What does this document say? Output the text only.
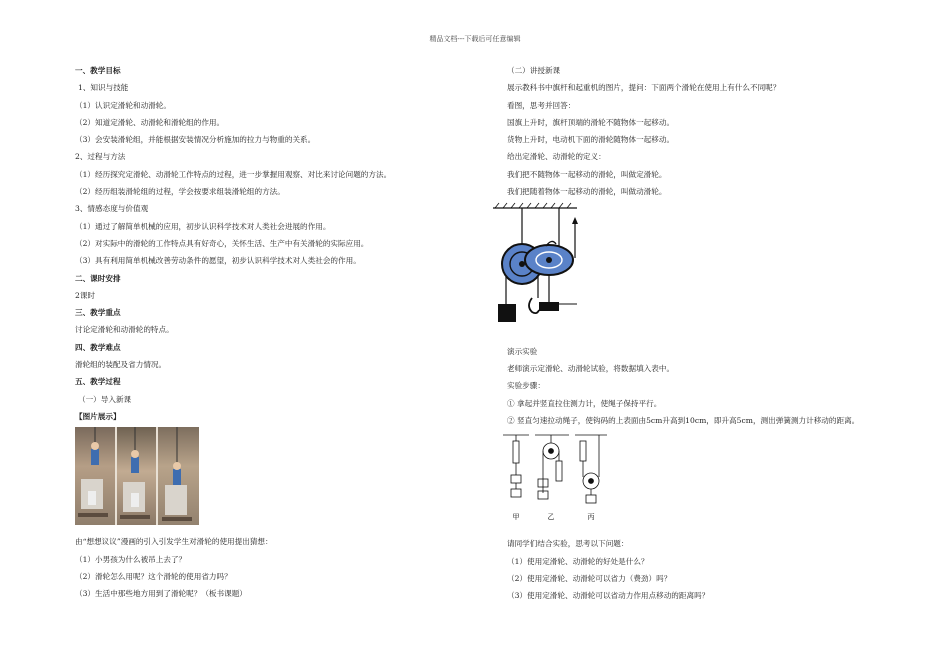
精品文档---下载后可任意编辑
一、教学目标
1、知识与技能
（1）认识定滑轮和动滑轮。
（2）知道定滑轮、动滑轮和滑轮组的作用。
（3）会安装滑轮组，并能根据安装情况分析施加的拉力与物重的关系。
2、过程与方法
（1）经历探究定滑轮、动滑轮工作特点的过程，进一步掌握用观察、对比来讨论问题的方法。
（2）经历组装滑轮组的过程，学会按要求组装滑轮组的方法。
3、情感态度与价值观
（1）通过了解简单机械的应用，初步认识科学技术对人类社会进展的作用。
（2）对实际中的滑轮的工作特点具有好奇心，关怀生活、生产中有关滑轮的实际应用。
（3）具有利用简单机械改善劳动条件的愿望，初步认识科学技术对人类社会的作用。
二、课时安排
2课时
三、教学重点
讨论定滑轮和动滑轮的特点。
四、教学难点
滑轮组的装配及省力情况。
五、教学过程
（一）导入新课
【图片展示】
由“想想议议”漫画的引入引发学生对滑轮的使用提出猜想：
（1）小男孩为什么被吊上去了？
（2）滑轮怎么用呢？这个滑轮的使用省力吗？
（3）生活中那些地方用到了滑轮呢？（板书课题）
（二）讲授新课
展示教科书中旗杆和起重机的图片，提问：下面两个滑轮在使用上有什么不同呢？
看图，思考并回答：
国旗上升时，旗杆顶端的滑轮不随物体一起移动。
货物上升时，电动机下面的滑轮随物体一起移动。
给出定滑轮、动滑轮的定义：
我们把不随物体一起移动的滑轮，叫做定滑轮。
我们把随着物体一起移动的滑轮，叫做动滑轮。
演示实验
老师演示定滑轮、动滑轮试验，将数据填入表中。
实验步骤：
① 拿起并竖直拉住测力计，使绳子保持平行。
② 竖直匀速拉动绳子，使钩码的上表面由5cm升高到10cm，即升高5cm，测出弹簧测力计移动的距离。
甲	乙	丙
请同学们结合实验，思考以下问题：
（1）使用定滑轮、动滑轮的好处是什么？
（2）使用定滑轮、动滑轮可以省力（费劲）吗？
（3）使用定滑轮、动滑轮可以省动力作用点移动的距离吗？
